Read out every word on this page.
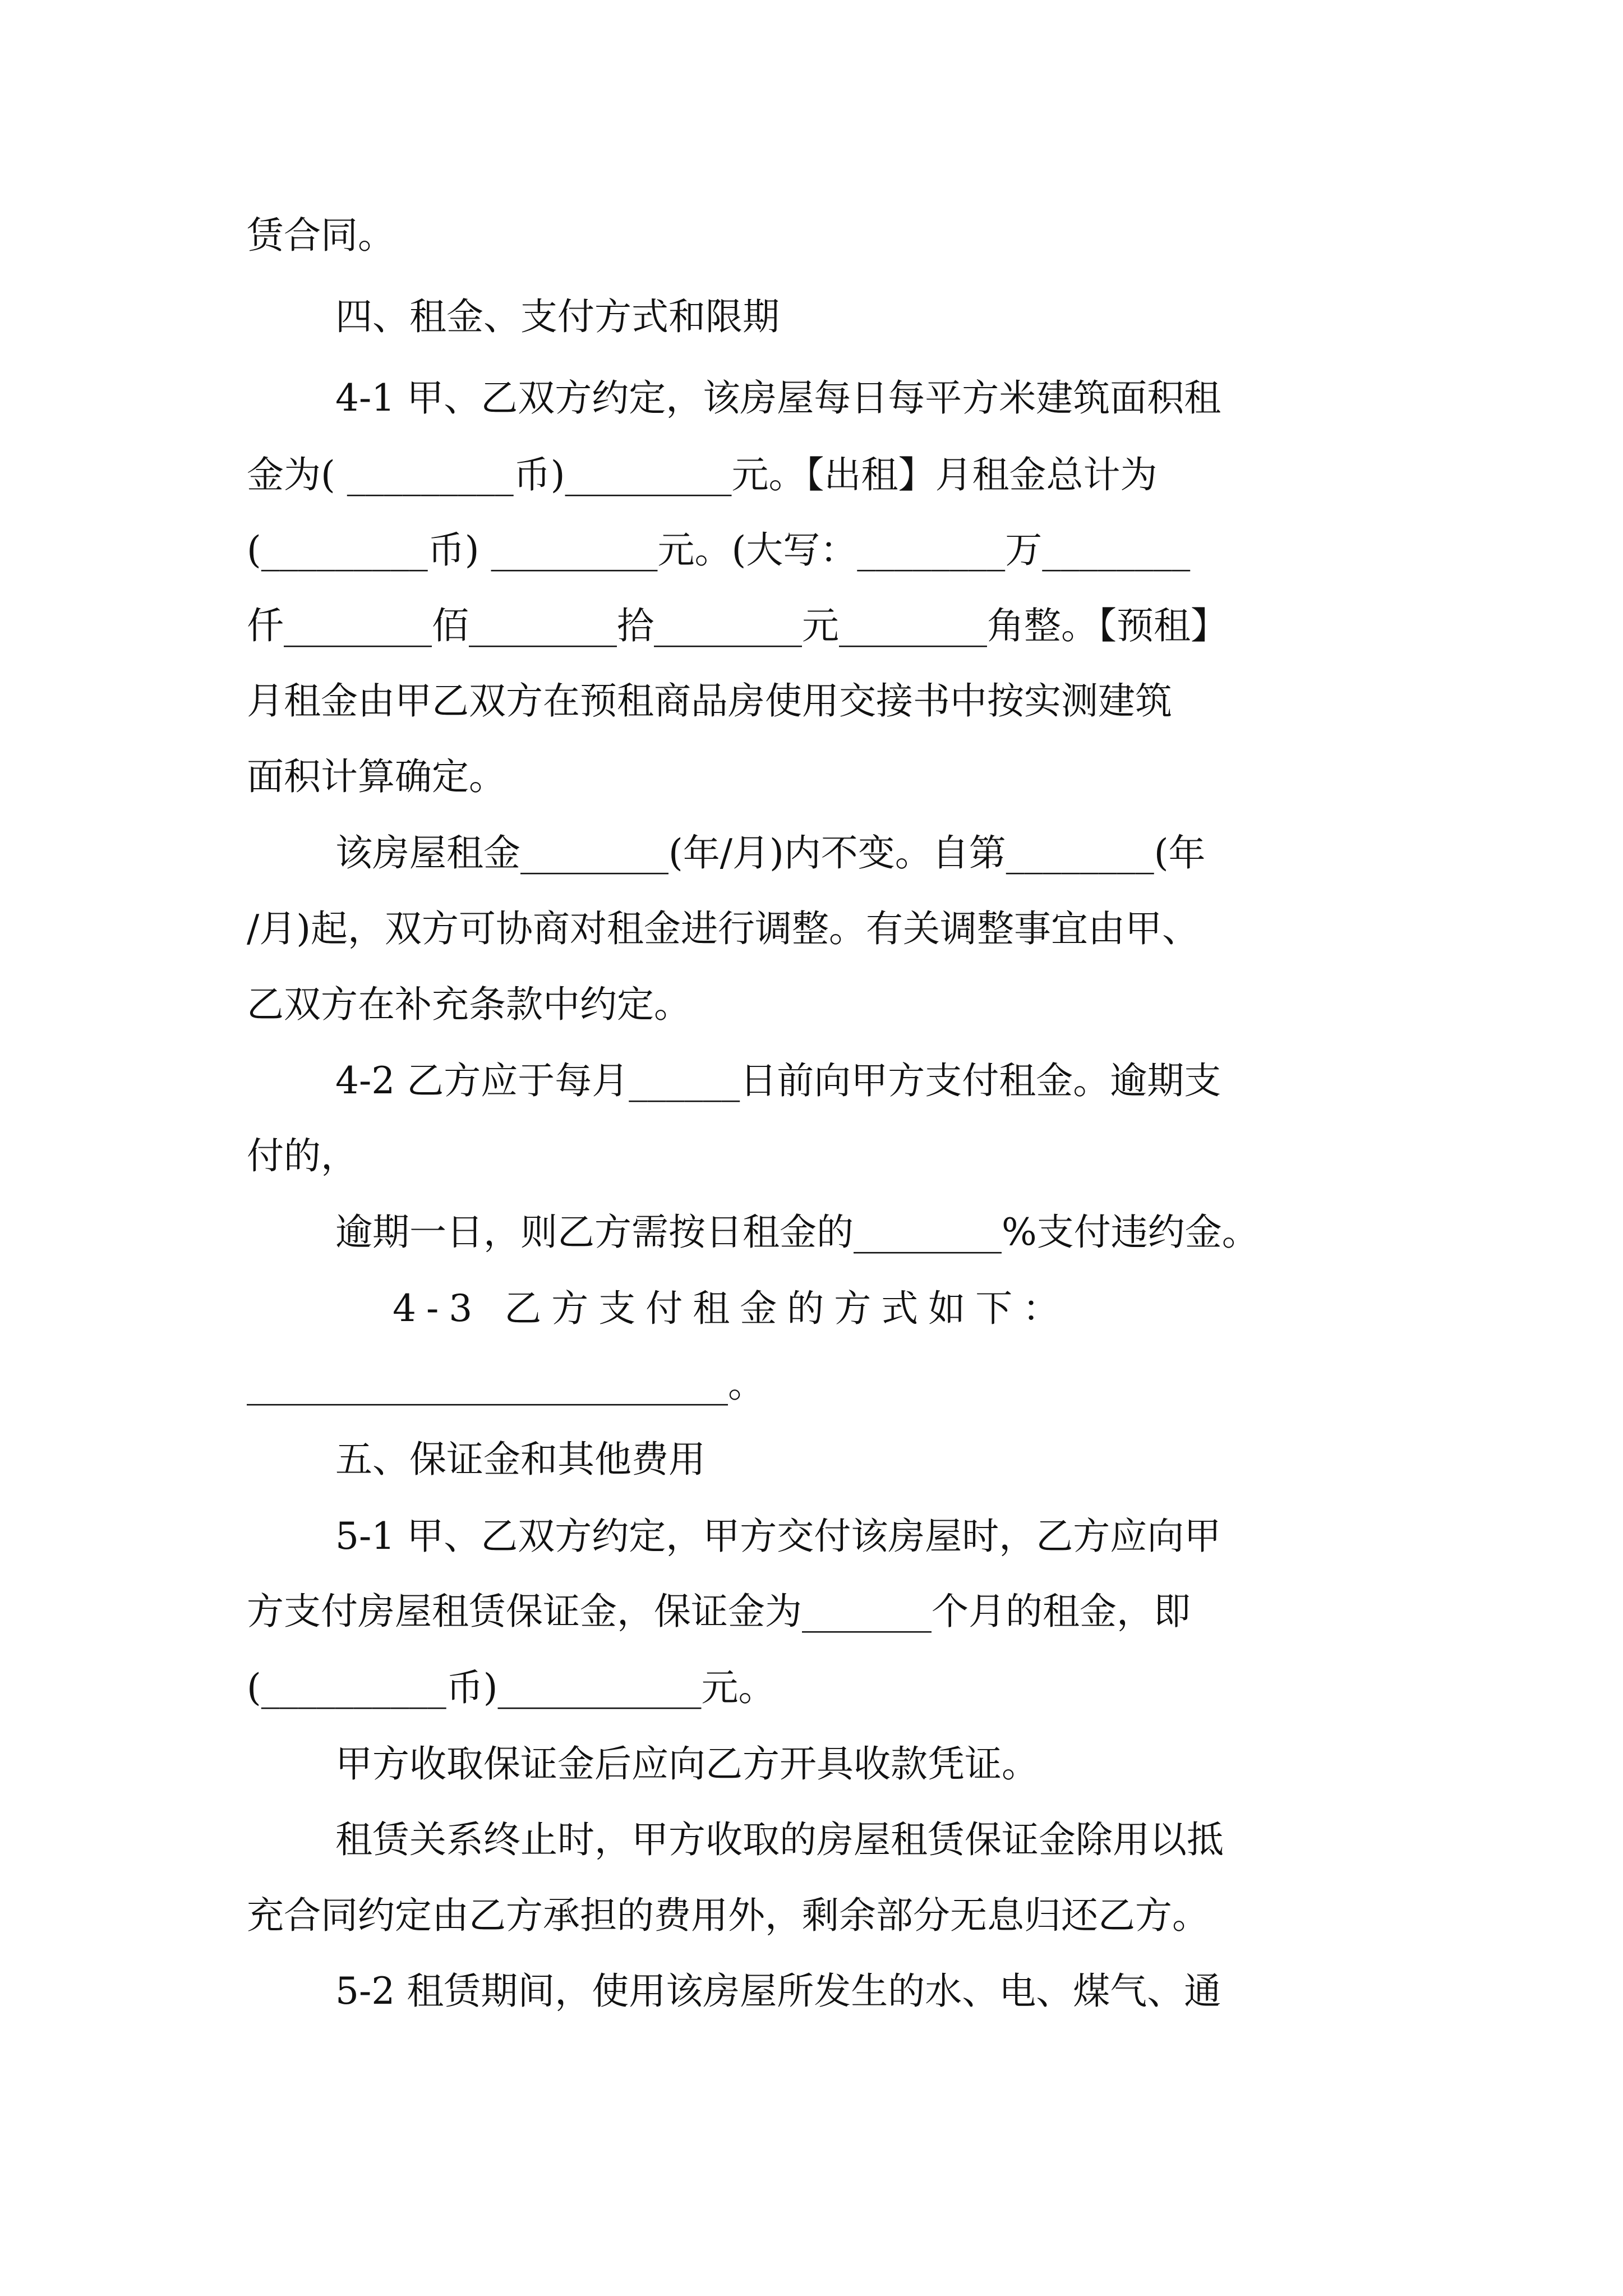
赁合同。
四、租金、支付方式和限期
4-1 甲、乙双方约定，该房屋每日每平方米建筑面积租
金为( _________币)_________元。【出租】月租金总计为
(_________币) _________元。(大写：________万________
仟________佰________拾________元________角整。【预租】
月租金由甲乙双方在预租商品房使用交接书中按实测建筑
面积计算确定。
该房屋租金________(年/月)内不变。自第________(年
/月)起，双方可协商对租金进行调整。有关调整事宜由甲、
乙双方在补充条款中约定。
4-2 乙方应于每月______日前向甲方支付租金。逾期支
付的，
逾期一日，则乙方需按日租金的________%支付违约金。
4-3 乙方支付租金的方式如下：
__________________________。
五、保证金和其他费用
5-1 甲、乙双方约定，甲方交付该房屋时，乙方应向甲
方支付房屋租赁保证金，保证金为_______个月的租金，即
(__________币)___________元。
甲方收取保证金后应向乙方开具收款凭证。
租赁关系终止时，甲方收取的房屋租赁保证金除用以抵
充合同约定由乙方承担的费用外，剩余部分无息归还乙方。
5-2 租赁期间，使用该房屋所发生的水、电、煤气、通
